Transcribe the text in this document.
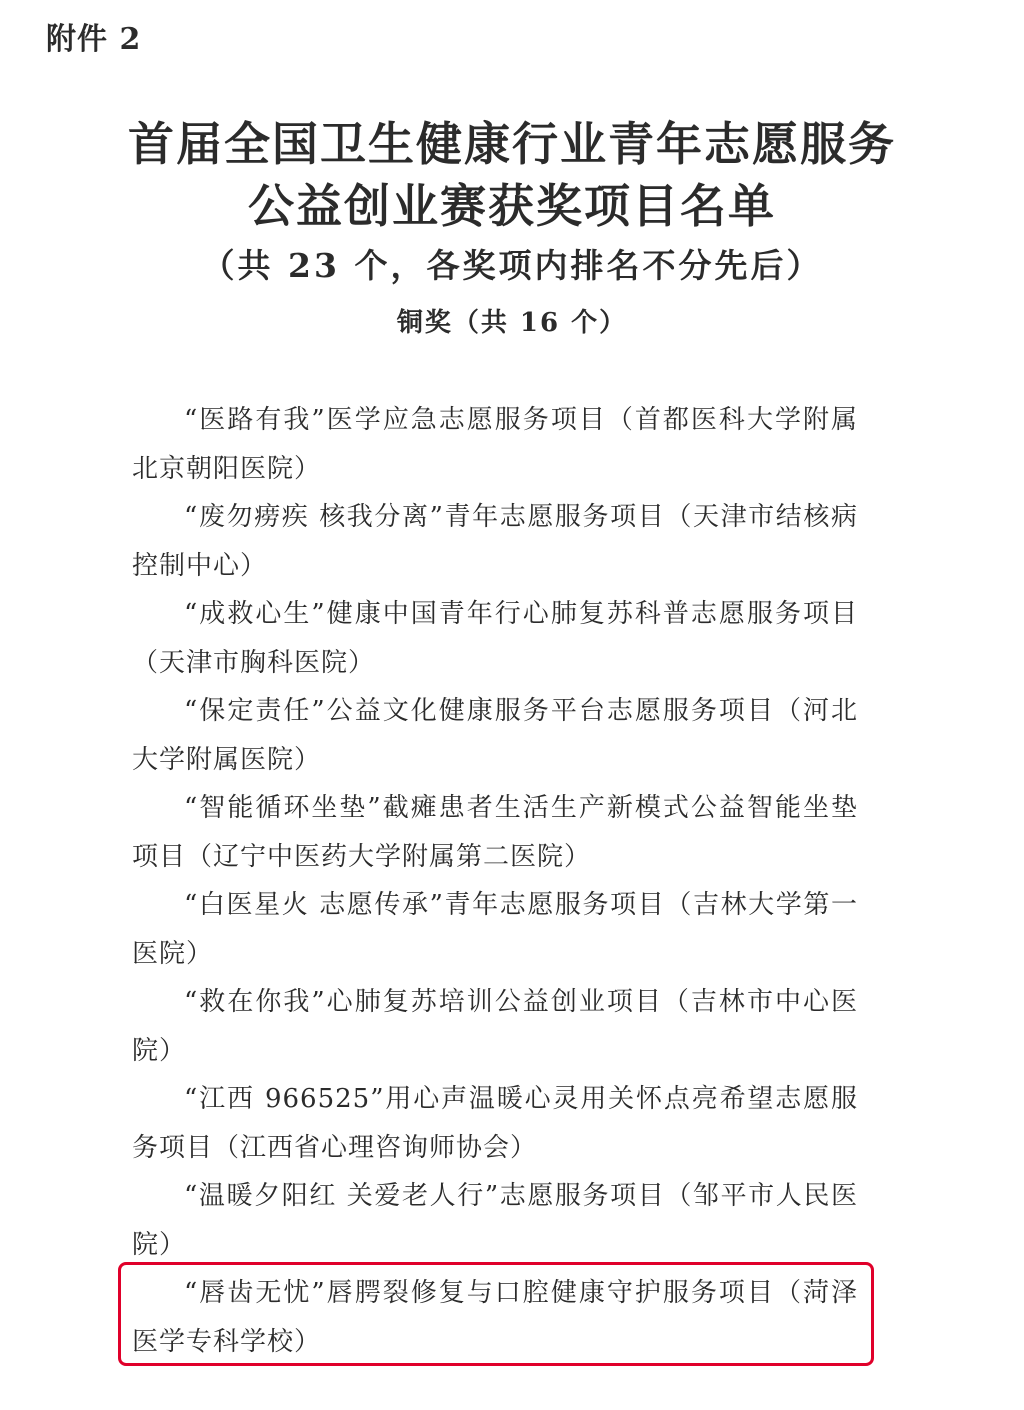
附件 2
首届全国卫生健康行业青年志愿服务
公益创业赛获奖项目名单
（共 23 个，各奖项内排名不分先后）
铜奖（共 16 个）
“医路有我”医学应急志愿服务项目（首都医科大学附属北京朝阳医院）
“废勿痨疾 核我分离”青年志愿服务项目（天津市结核病控制中心）
“成救心生”健康中国青年行心肺复苏科普志愿服务项目（天津市胸科医院）
“保定责任”公益文化健康服务平台志愿服务项目（河北大学附属医院）
“智能循环坐垫”截瘫患者生活生产新模式公益智能坐垫项目（辽宁中医药大学附属第二医院）
“白医星火 志愿传承”青年志愿服务项目（吉林大学第一医院）
“救在你我”心肺复苏培训公益创业项目（吉林市中心医院）
“江西 966525”用心声温暖心灵用关怀点亮希望志愿服务项目（江西省心理咨询师协会）
“温暖夕阳红 关爱老人行”志愿服务项目（邹平市人民医院）
“唇齿无忧”唇腭裂修复与口腔健康守护服务项目（菏泽医学专科学校）
